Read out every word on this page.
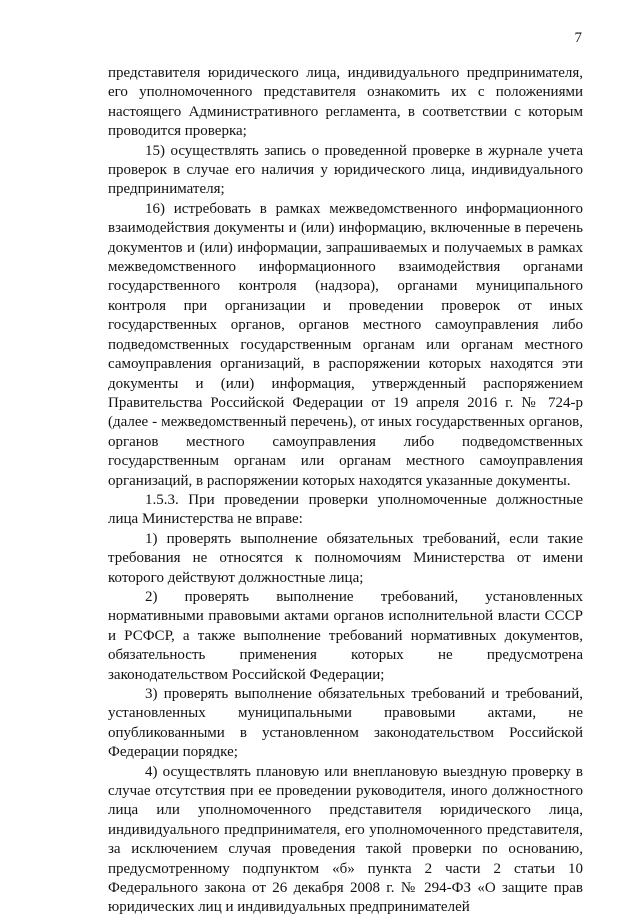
7

представителя юридического лица, индивидуального предпринимателя, его уполномоченного представителя ознакомить их с положениями настоящего Административного регламента, в соответствии с которым проводится проверка;

15) осуществлять запись о проведенной проверке в журнале учета проверок в случае его наличия у юридического лица, индивидуального предпринимателя;

16) истребовать в рамках межведомственного информационного взаимодействия документы и (или) информацию, включенные в перечень документов и (или) информации, запрашиваемых и получаемых в рамках межведомственного информационного взаимодействия органами государственного контроля (надзора), органами муниципального контроля при организации и проведении проверок от иных государственных органов, органов местного самоуправления либо подведомственных государственным органам или органам местного самоуправления организаций, в распоряжении которых находятся эти документы и (или) информация, утвержденный распоряжением Правительства Российской Федерации от 19 апреля 2016 г. № 724-р (далее - межведомственный перечень), от иных государственных органов, органов местного самоуправления либо подведомственных государственным органам или органам местного самоуправления организаций, в распоряжении которых находятся указанные документы.

1.5.3. При проведении проверки уполномоченные должностные лица Министерства не вправе:

1) проверять выполнение обязательных требований, если такие требования не относятся к полномочиям Министерства от имени которого действуют должностные лица;

2) проверять выполнение требований, установленных нормативными правовыми актами органов исполнительной власти СССР и РСФСР, а также выполнение требований нормативных документов, обязательность применения которых не предусмотрена законодательством Российской Федерации;

3) проверять выполнение обязательных требований и требований, установленных муниципальными правовыми актами, не опубликованными в установленном законодательством Российской Федерации порядке;

4) осуществлять плановую или внеплановую выездную проверку в случае отсутствия при ее проведении руководителя, иного должностного лица или уполномоченного представителя юридического лица, индивидуального предпринимателя, его уполномоченного представителя, за исключением случая проведения такой проверки по основанию, предусмотренному подпунктом «б» пункта 2 части 2 статьи 10 Федерального закона от 26 декабря 2008 г. № 294-ФЗ «О защите прав юридических лиц и индивидуальных предпринимателей
